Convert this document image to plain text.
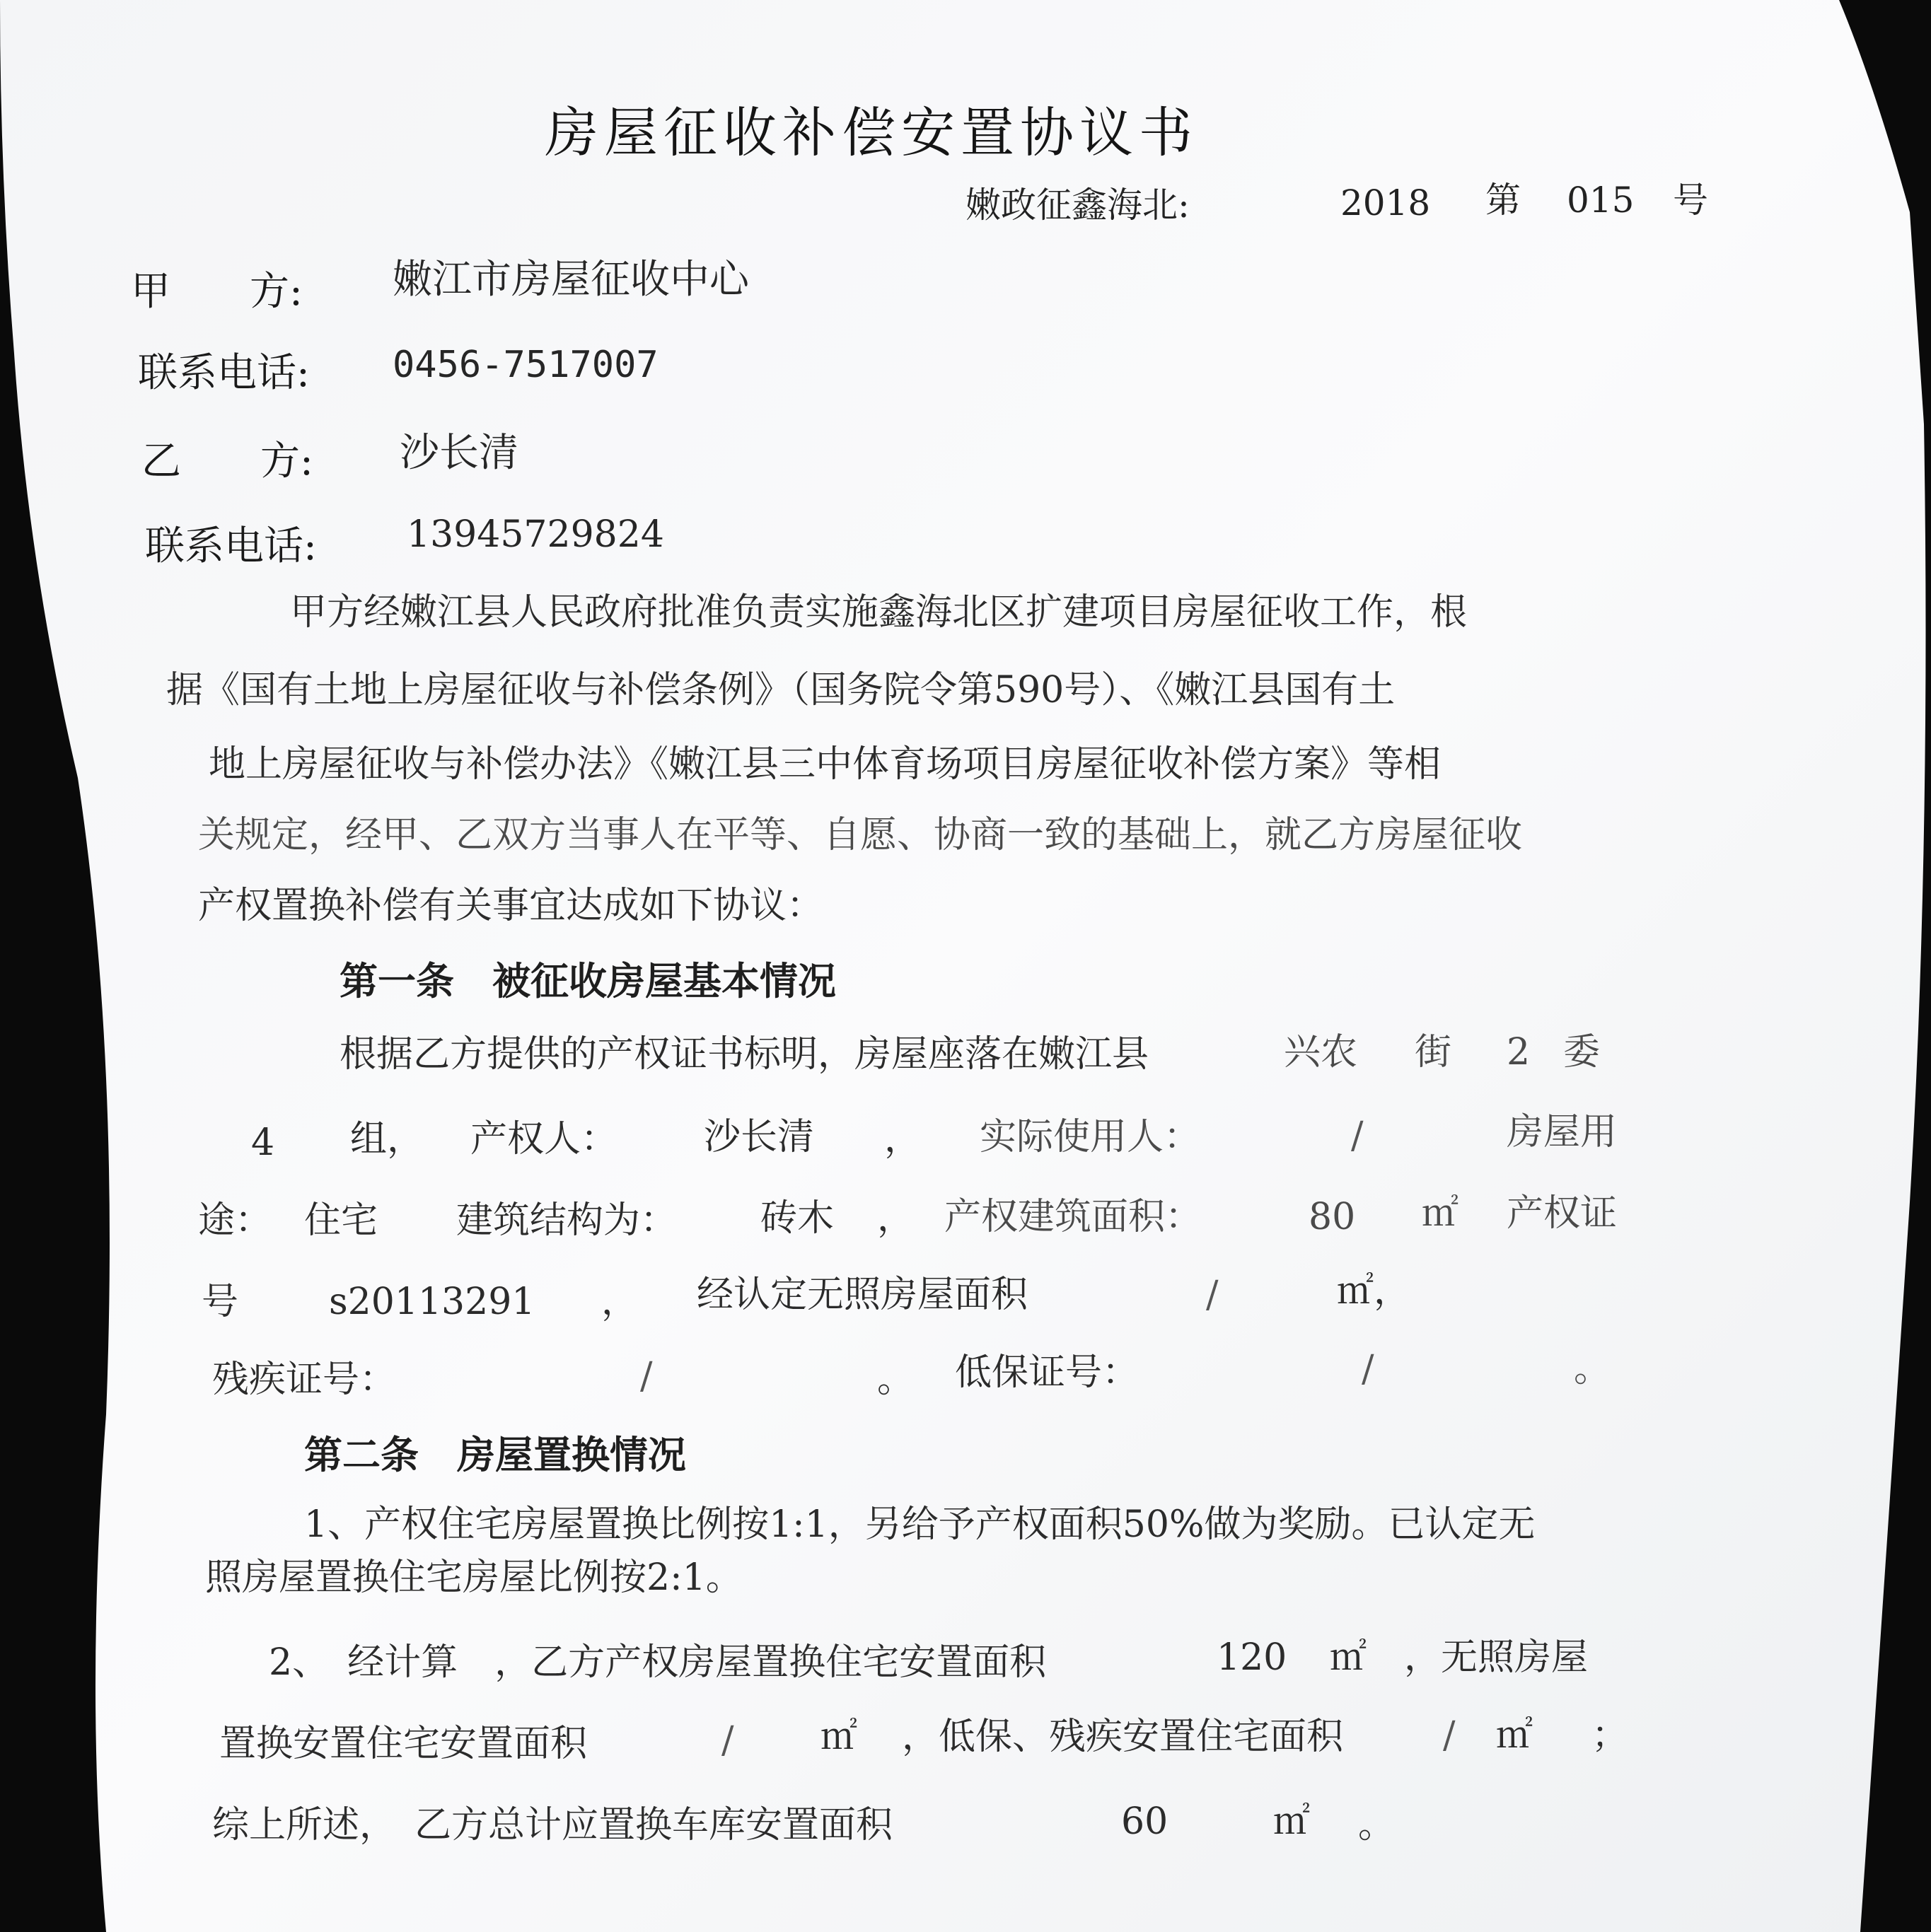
房屋征收补偿安置协议书
嫩政征鑫海北:	2018 第 015 号
甲　　方: 嫩江市房屋征收中心
联系电话: 0456-7517007
乙　　方: 沙长清
联系电话: 13945729824
甲方经嫩江县人民政府批准负责实施鑫海北区扩建项目房屋征收工作，根
据《国有土地上房屋征收与补偿条例》（国务院令第590号）、《嫩江县国有土
地上房屋征收与补偿办法》《嫩江县三中体育场项目房屋征收补偿方案》等相
关规定，经甲、乙双方当事人在平等、自愿、协商一致的基础上，就乙方房屋征收
产权置换补偿有关事宜达成如下协议：
第一条　被征收房屋基本情况
根据乙方提供的产权证书标明，房屋座落在嫩江县	兴农 街 2 委
4 组， 产权人： 沙长清 ， 实际使用人：	/	房屋用
途： 住宅 建筑结构为： 砖木 ， 产权建筑面积：	80 ㎡ 产权证
号 s20113291 ， 经认定无照房屋面积	/	㎡，
残疾证号：	/	。 低保证号：	/	。
第二条　房屋置换情况
1、产权住宅房屋置换比例按1:1，另给予产权面积50%做为奖励。已认定无
照房屋置换住宅房屋比例按2:1。
2、　经计算　，乙方产权房屋置换住宅安置面积	120 ㎡ ，无照房屋
置换安置住宅安置面积	/ ㎡ ，低保、残疾安置住宅面积	/ ㎡ ；
综上所述，　乙方总计应置换车库安置面积	60	㎡ 。
